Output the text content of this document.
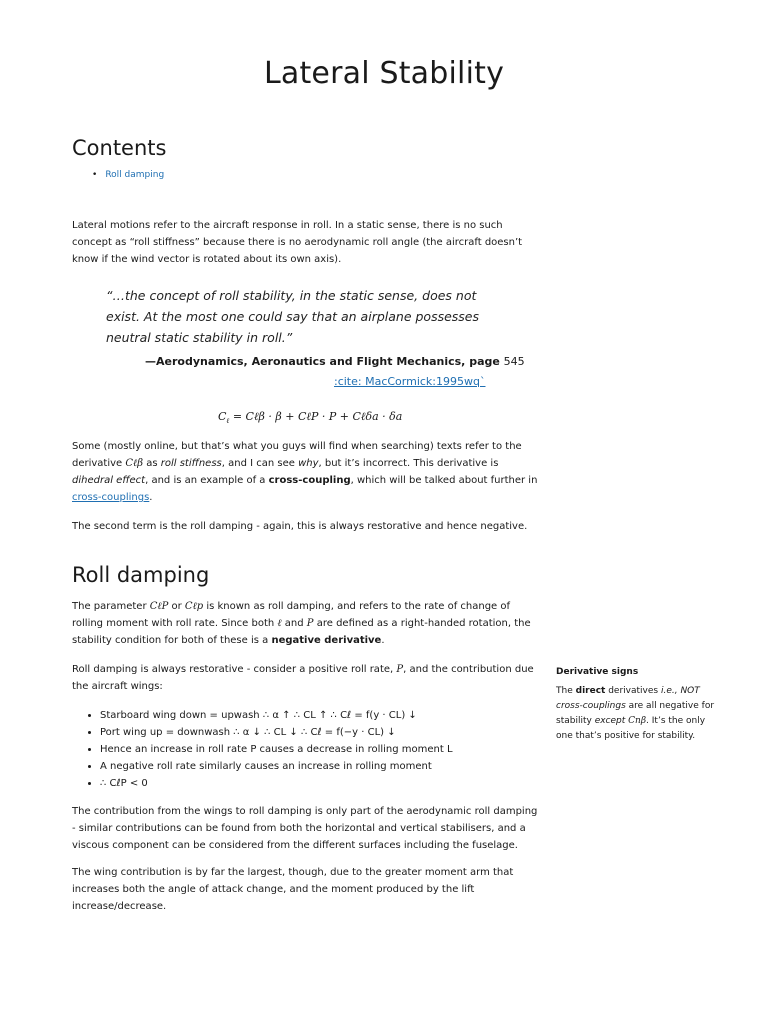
Lateral Stability
Contents
• Roll damping

Lateral motions refer to the aircraft response in roll. In a static sense, there is no such concept as “roll stiffness” because there is no aerodynamic roll angle (the aircraft doesn’t know if the wind vector is rotated about its own axis).

“…the concept of roll stability, in the static sense, does not exist. At the most one could say that an airplane possesses neutral static stability in roll.”

—Aerodynamics, Aeronautics and Flight Mechanics, page 545
:cite: MacCormick:1995wq`
$C_\ell$ = Cℓβ · β + CℓP · P + Cℓδa · δa

Some (mostly online, but that’s what you guys will find when searching) texts refer to the derivative Cℓβ as roll stiffness, and I can see why, but it’s incorrect. This derivative is dihedral effect, and is an example of a cross-coupling, which will be talked about further in cross-couplings.

The second term is the roll damping - again, this is always restorative and hence negative.

Roll damping

The parameter CℓP or Cℓp is known as roll damping, and refers to the rate of change of rolling moment with roll rate. Since both ℓ and P are defined as a right-handed rotation, the stability condition for both of these is a negative derivative.

Roll damping is always restorative - consider a positive roll rate, P, and the contribution due the aircraft wings:

• Starboard wing down = upwash ∴ α ↑ ∴ CL ↑ ∴ Cℓ = f(y · CL) ↓
• Port wing up = downwash ∴ α ↓ ∴ CL ↓ ∴ Cℓ = f(−y · CL) ↓
• Hence an increase in roll rate P causes a decrease in rolling moment L
• A negative roll rate similarly causes an increase in rolling moment
• ∴ CℓP < 0

The contribution from the wings to roll damping is only part of the aerodynamic roll damping - similar contributions can be found from both the horizontal and vertical stabilisers, and a viscous component can be considered from the different surfaces including the fuselage.

The wing contribution is by far the largest, though, due to the greater moment arm that increases both the angle of attack change, and the moment produced by the lift increase/decrease.

Derivative signs
The direct derivatives i.e., NOT cross-couplings are all negative for stability except Cnβ. It’s the only one that’s positive for stability.
